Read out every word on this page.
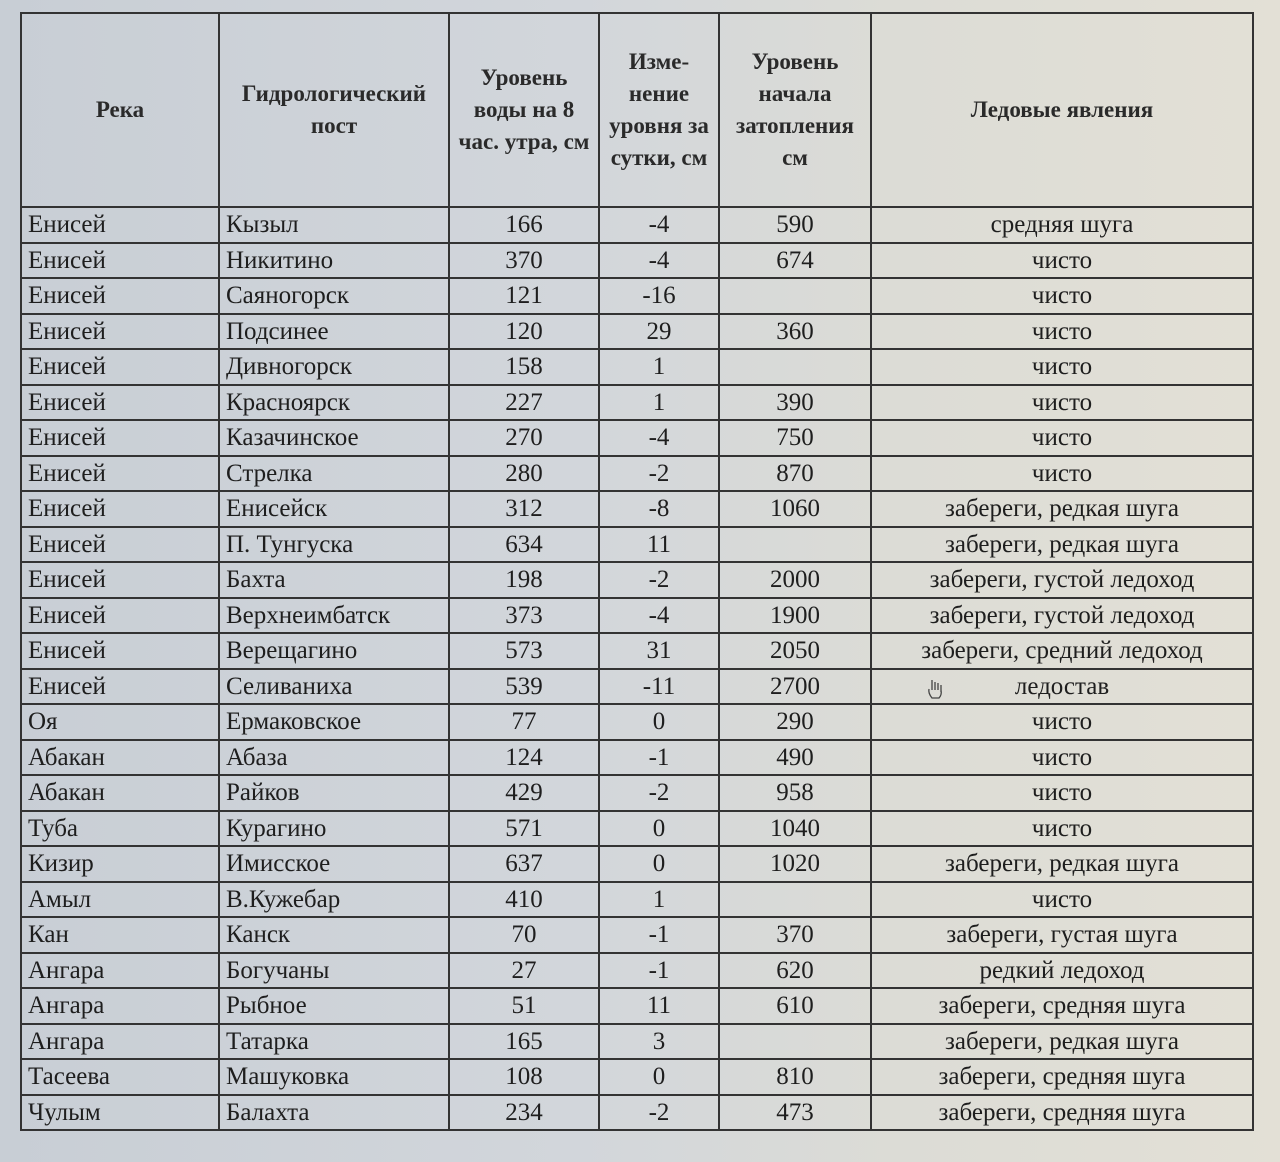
Река	Гидрологический пост	Уровень воды на 8 час. утра, см	Изме- нение уровня за сутки, см	Уровень начала затопления см	Ледовые явления
Енисей	Кызыл	166	-4	590	средняя шуга
Енисей	Никитино	370	-4	674	чисто
Енисей	Саяногорск	121	-16		чисто
Енисей	Подсинее	120	29	360	чисто
Енисей	Дивногорск	158	1		чисто
Енисей	Красноярск	227	1	390	чисто
Енисей	Казачинское	270	-4	750	чисто
Енисей	Стрелка	280	-2	870	чисто
Енисей	Енисейск	312	-8	1060	забереги, редкая шуга
Енисей	П. Тунгуска	634	11		забереги, редкая шуга
Енисей	Бахта	198	-2	2000	забереги, густой ледоход
Енисей	Верхнеимбатск	373	-4	1900	забереги, густой ледоход
Енисей	Верещагино	573	31	2050	забереги, средний ледоход
Енисей	Селиваниха	539	-11	2700	ледостав
Оя	Ермаковское	77	0	290	чисто
Абакан	Абаза	124	-1	490	чисто
Абакан	Райков	429	-2	958	чисто
Туба	Курагино	571	0	1040	чисто
Кизир	Имисское	637	0	1020	забереги, редкая шуга
Амыл	В.Кужебар	410	1		чисто
Кан	Канск	70	-1	370	забереги, густая шуга
Ангара	Богучаны	27	-1	620	редкий ледоход
Ангара	Рыбное	51	11	610	забереги, средняя шуга
Ангара	Татарка	165	3		забереги, редкая шуга
Тасеева	Машуковка	108	0	810	забереги, средняя шуга
Чулым	Балахта	234	-2	473	забереги, средняя шуга
